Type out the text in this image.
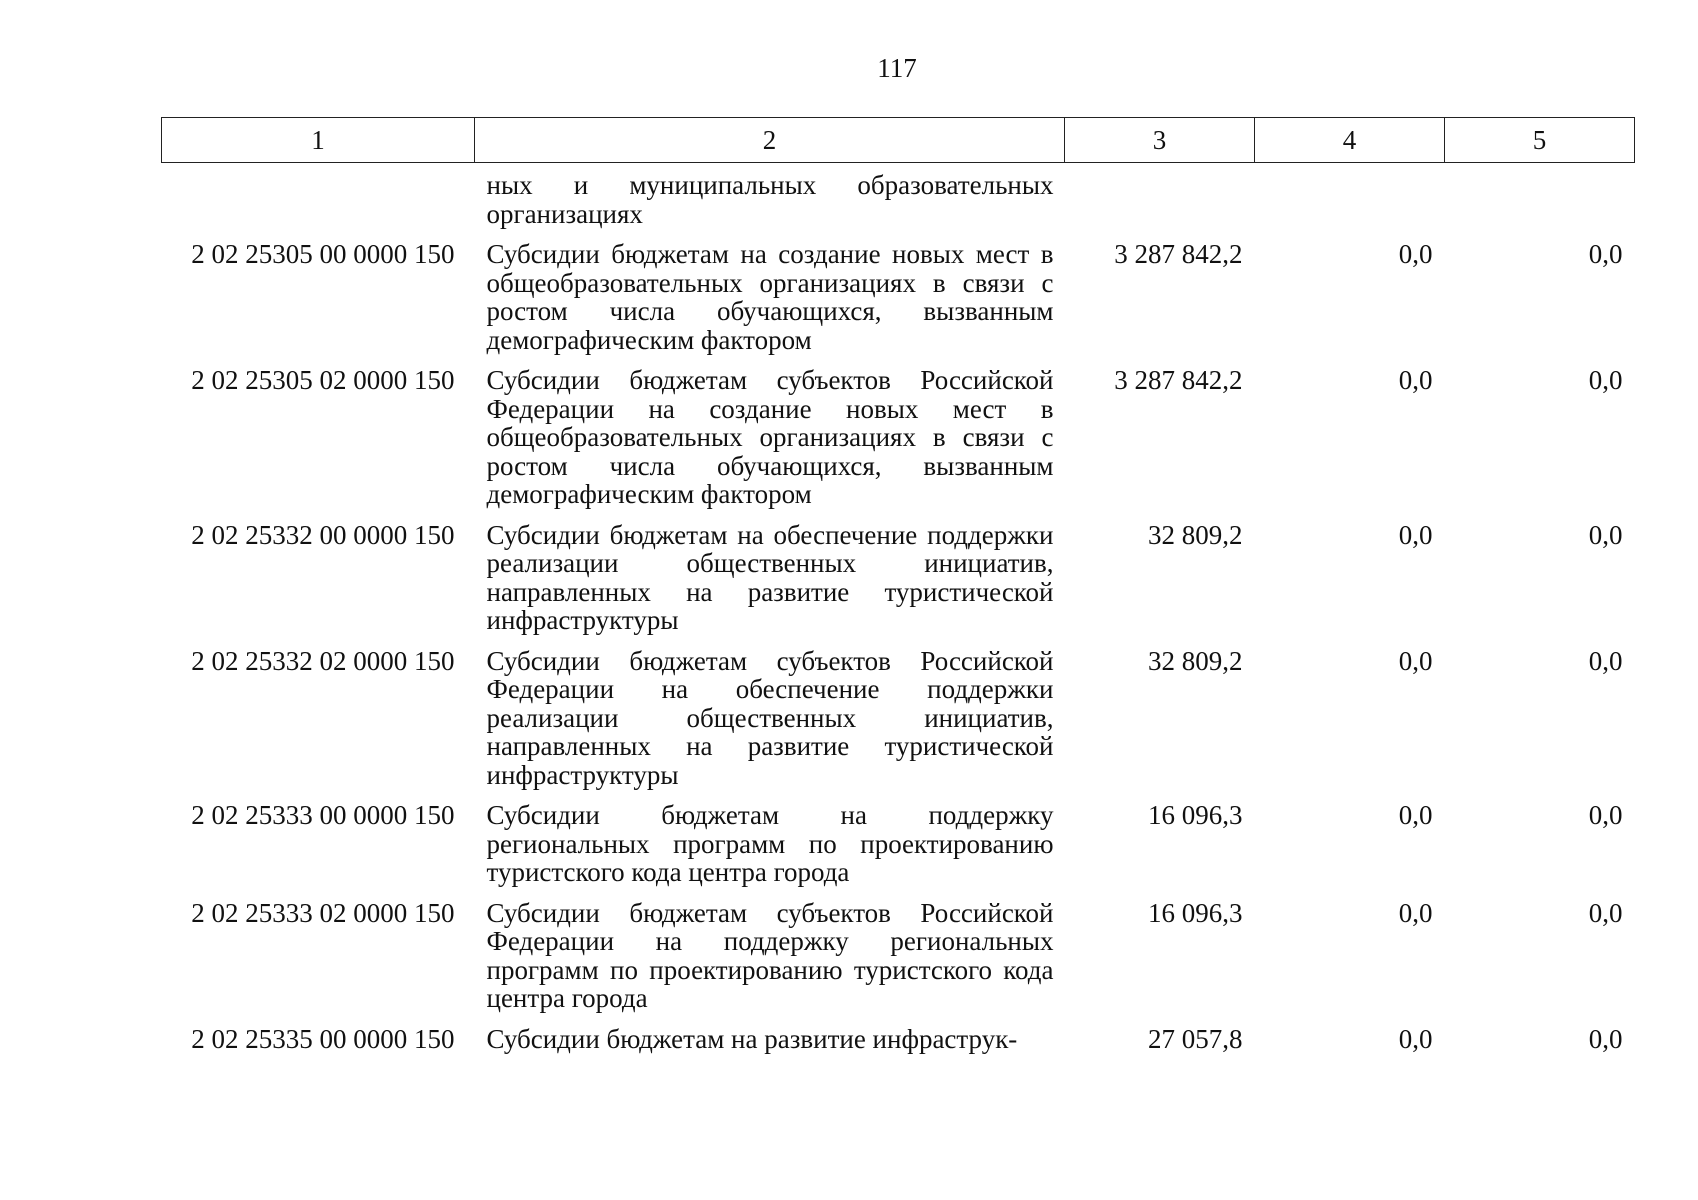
117
1	2	3	4	5
	ных и муниципальных образовательных организациях			
2 02 25305 00 0000 150	Субсидии бюджетам на создание новых мест в общеобразовательных организациях в связи с ростом числа обучающихся, вызванным демографическим фактором	3 287 842,2	0,0	0,0
2 02 25305 02 0000 150	Субсидии бюджетам субъектов Российской Федерации на создание новых мест в общеобразовательных организациях в связи с ростом числа обучающихся, вызванным демографическим фактором	3 287 842,2	0,0	0,0
2 02 25332 00 0000 150	Субсидии бюджетам на обеспечение поддержки реализации общественных инициатив, направленных на развитие туристической инфраструктуры	32 809,2	0,0	0,0
2 02 25332 02 0000 150	Субсидии бюджетам субъектов Российской Федерации на обеспечение поддержки реализации общественных инициатив, направленных на развитие туристической инфраструктуры	32 809,2	0,0	0,0
2 02 25333 00 0000 150	Субсидии бюджетам на поддержку региональных программ по проектированию туристского кода центра города	16 096,3	0,0	0,0
2 02 25333 02 0000 150	Субсидии бюджетам субъектов Российской Федерации на поддержку региональных программ по проектированию туристского кода центра города	16 096,3	0,0	0,0
2 02 25335 00 0000 150	Субсидии бюджетам на развитие инфраструк-	27 057,8	0,0	0,0
